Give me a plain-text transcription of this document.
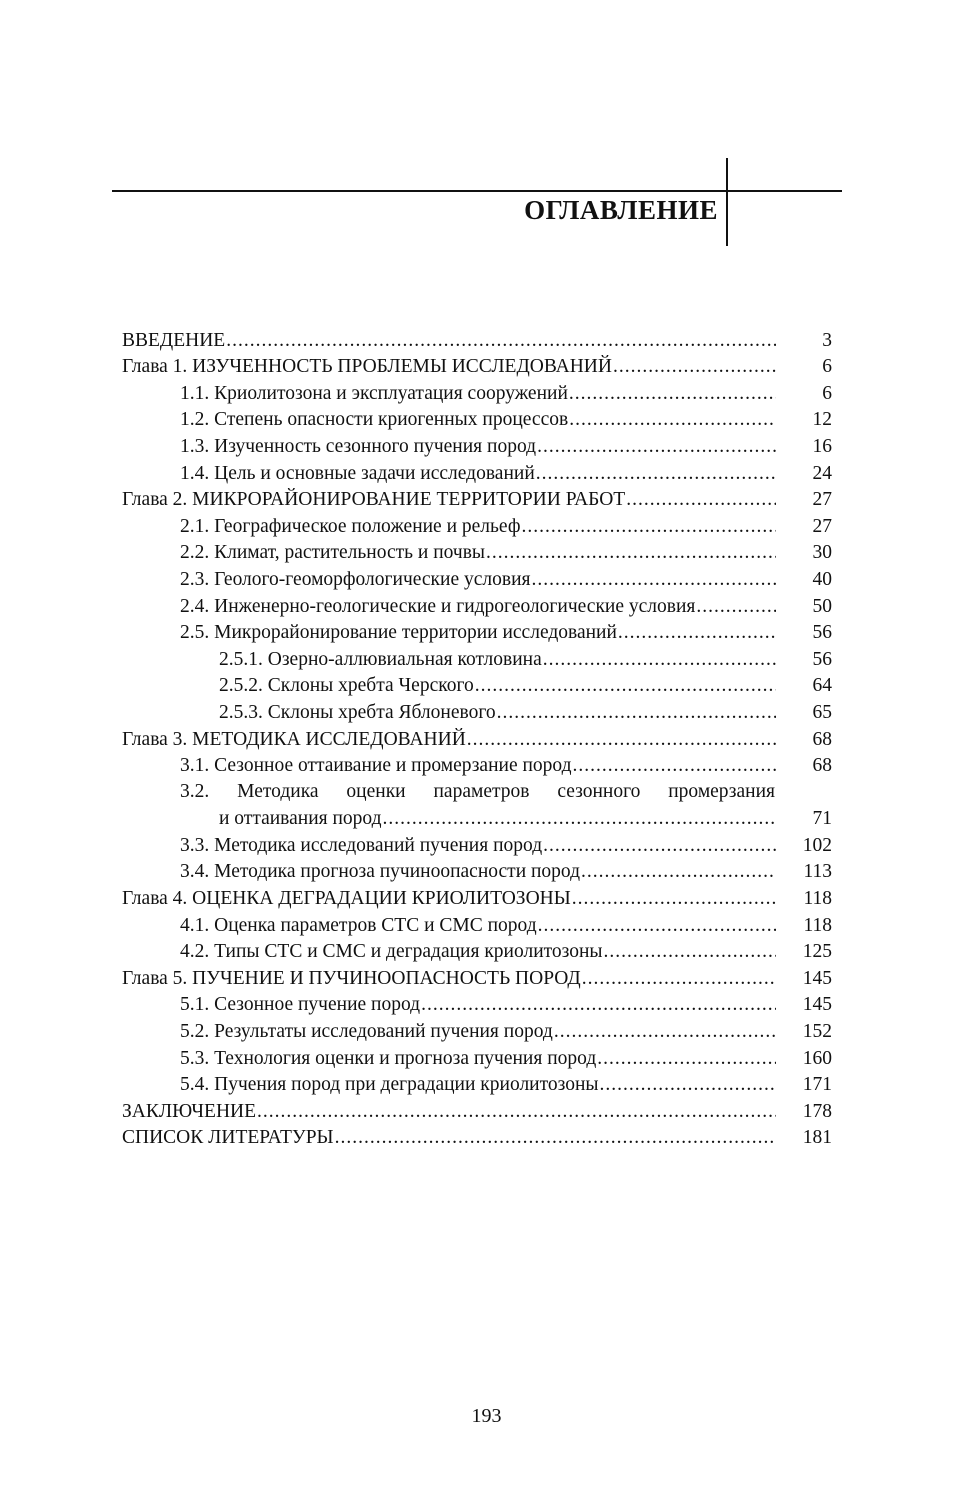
ОГЛАВЛЕНИЕ
ВВЕДЕНИЕ .....	3
Глава 1. ИЗУЧЕННОСТЬ ПРОБЛЕМЫ ИССЛЕДОВАНИЙ .....	6
1.1. Криолитозона и эксплуатация сооружений .....	6
1.2. Степень опасности криогенных процессов .....	12
1.3. Изученность сезонного пучения пород .....	16
1.4. Цель и основные задачи исследований .....	24
Глава 2. МИКРОРАЙОНИРОВАНИЕ ТЕРРИТОРИИ РАБОТ .....	27
2.1. Географическое положение и рельеф .....	27
2.2. Климат, растительность и почвы .....	30
2.3. Геолого-геоморфологические условия .....	40
2.4. Инженерно-геологические и гидрогеологические условия .....	50
2.5. Микрорайонирование территории исследований .....	56
2.5.1. Озерно-аллювиальная котловина .....	56
2.5.2. Склоны хребта Черского .....	64
2.5.3. Склоны хребта Яблоневого .....	65
Глава 3. МЕТОДИКА ИССЛЕДОВАНИЙ .....	68
3.1. Сезонное оттаивание и промерзание пород .....	68
3.2. Методика оценки параметров сезонного промерзания
и оттаивания пород .....	71
3.3. Методика исследований пучения пород .....	102
3.4. Методика прогноза пучиноопасности пород .....	113
Глава 4. ОЦЕНКА ДЕГРАДАЦИИ КРИОЛИТОЗОНЫ .....	118
4.1. Оценка параметров СТС и СМС пород .....	118
4.2. Типы СТС и СМС и деградация криолитозоны .....	125
Глава 5. ПУЧЕНИЕ И ПУЧИНООПАСНОСТЬ ПОРОД .....	145
5.1. Сезонное пучение пород .....	145
5.2. Результаты исследований пучения пород .....	152
5.3. Технология оценки и прогноза пучения пород .....	160
5.4. Пучения пород при деградации криолитозоны .....	171
ЗАКЛЮЧЕНИЕ .....	178
СПИСОК ЛИТЕРАТУРЫ .....	181
193
